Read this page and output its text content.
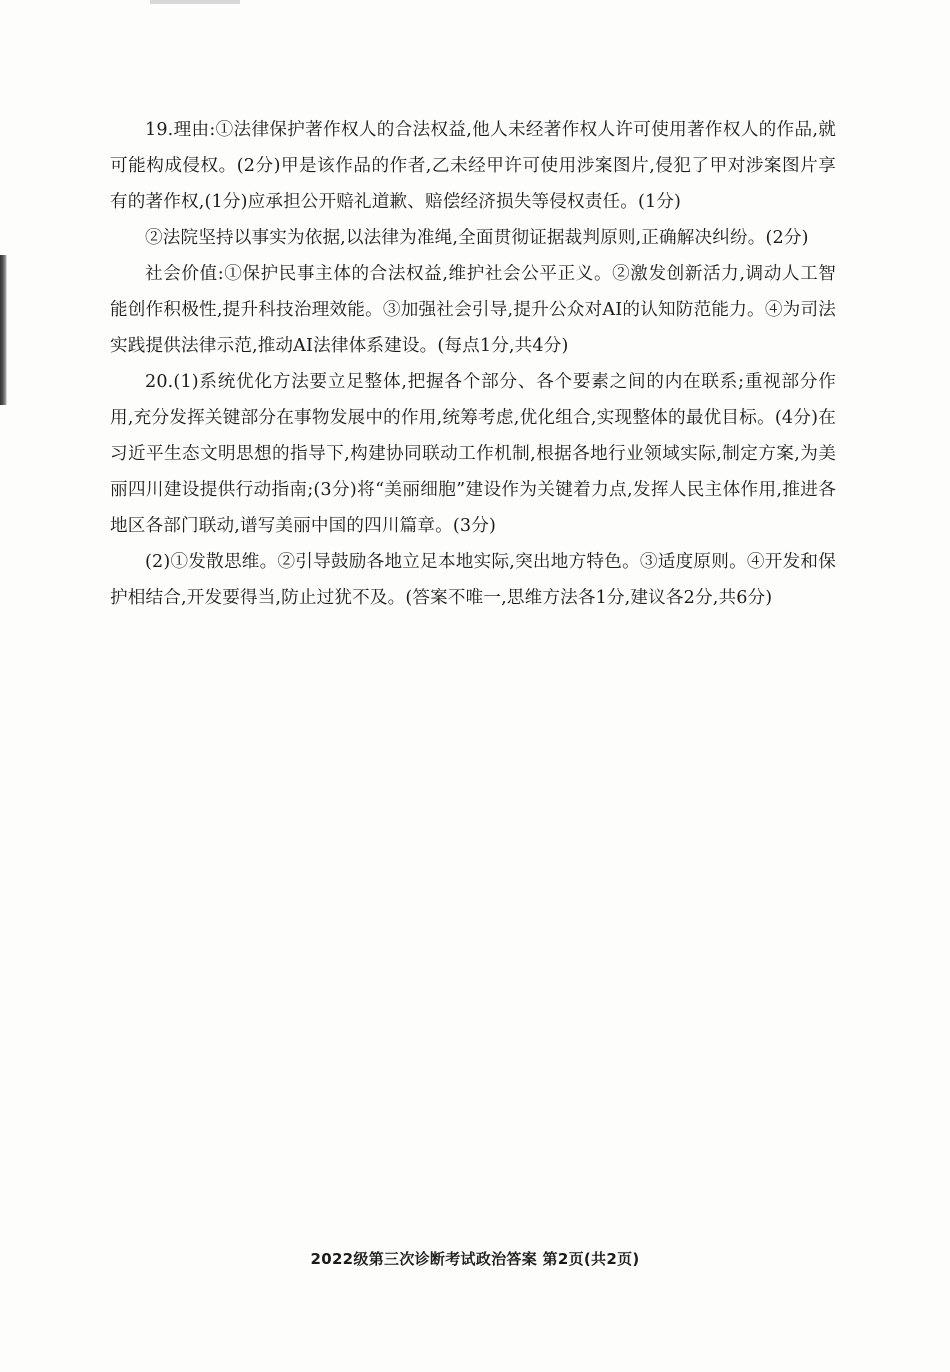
19.理由:①法律保护著作权人的合法权益,他人未经著作权人许可使用著作权人的作品,就可能构成侵权。(2分)甲是该作品的作者,乙未经甲许可使用涉案图片,侵犯了甲对涉案图片享有的著作权,(1分)应承担公开赔礼道歉、赔偿经济损失等侵权责任。(1分)

②法院坚持以事实为依据,以法律为准绳,全面贯彻证据裁判原则,正确解决纠纷。(2分)

社会价值:①保护民事主体的合法权益,维护社会公平正义。②激发创新活力,调动人工智能创作积极性,提升科技治理效能。③加强社会引导,提升公众对AI的认知防范能力。④为司法实践提供法律示范,推动AI法律体系建设。(每点1分,共4分)

20.(1)系统优化方法要立足整体,把握各个部分、各个要素之间的内在联系;重视部分作用,充分发挥关键部分在事物发展中的作用,统筹考虑,优化组合,实现整体的最优目标。(4分)在习近平生态文明思想的指导下,构建协同联动工作机制,根据各地行业领域实际,制定方案,为美丽四川建设提供行动指南;(3分)将“美丽细胞”建设作为关键着力点,发挥人民主体作用,推进各地区各部门联动,谱写美丽中国的四川篇章。(3分)

(2)①发散思维。②引导鼓励各地立足本地实际,突出地方特色。③适度原则。④开发和保护相结合,开发要得当,防止过犹不及。(答案不唯一,思维方法各1分,建议各2分,共6分)

2022级第三次诊断考试政治答案 第2页(共2页)
